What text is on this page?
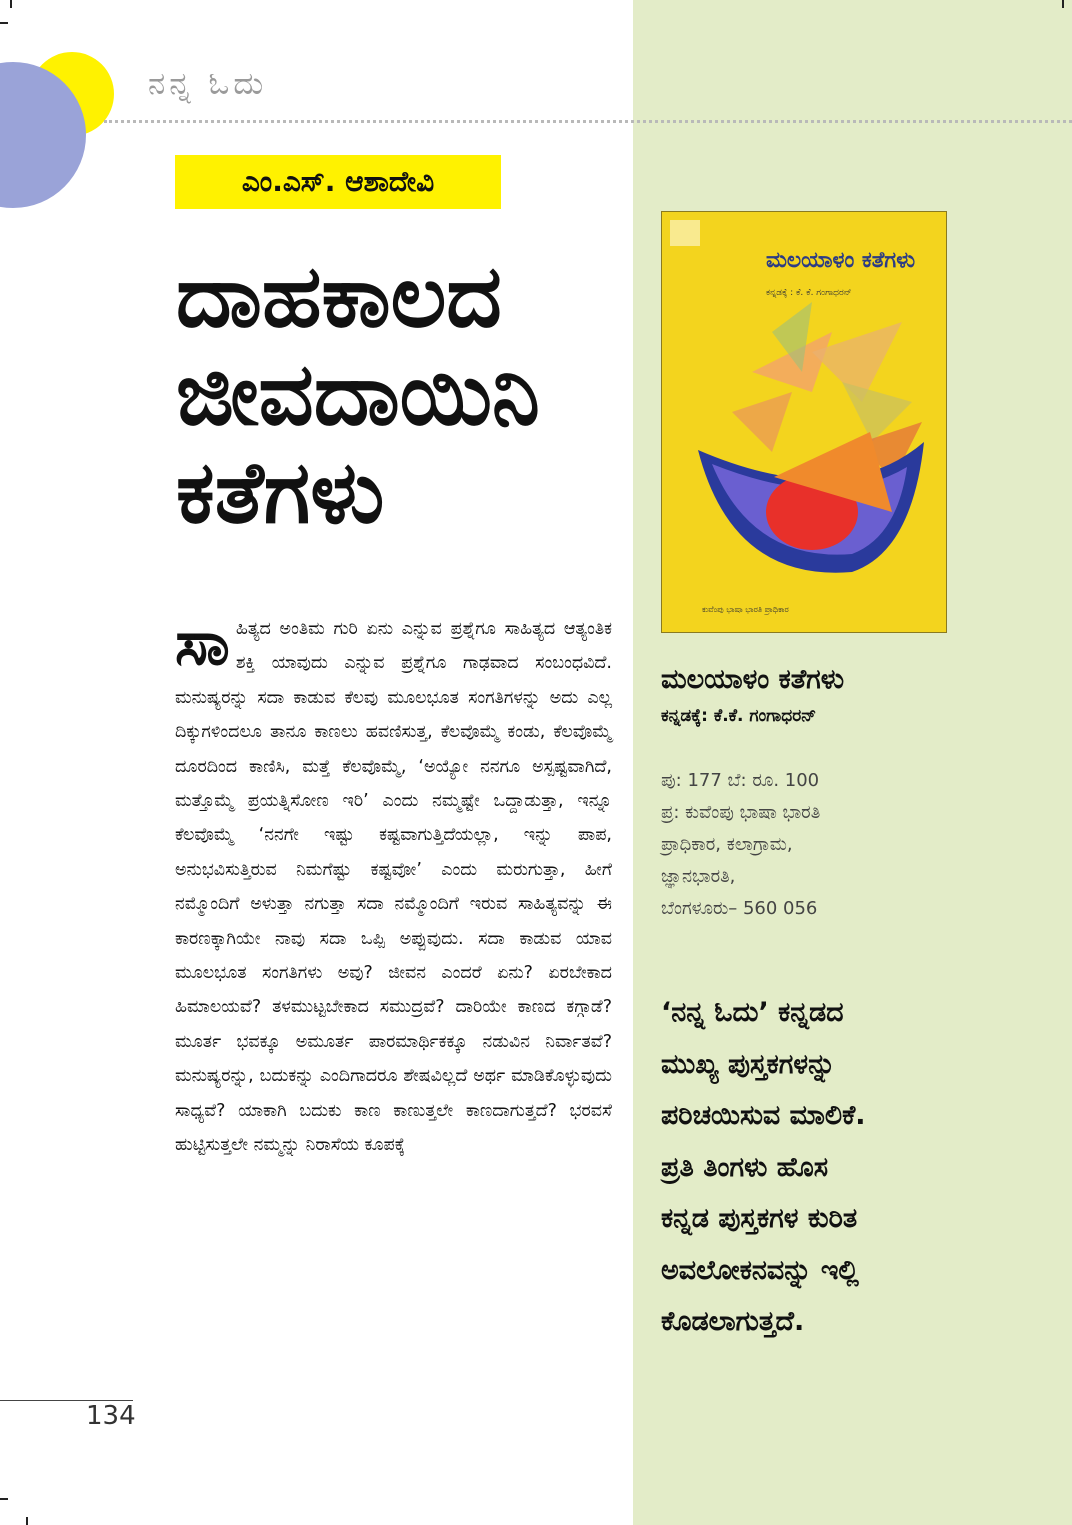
ನನ್ನ ಓದು
ಎಂ.ಎಸ್. ಆಶಾದೇವಿ
ದಾಹಕಾಲದ
ಜೀವದಾಯಿನಿ
ಕತೆಗಳು
ಸಾ ಹಿತ್ಯದ ಅಂತಿಮ ಗುರಿ ಏನು ಎನ್ನುವ ಪ್ರಶ್ನೆಗೂ ಸಾಹಿತ್ಯದ ಆತ್ಯಂತಿಕ ಶಕ್ತಿ ಯಾವುದು ಎನ್ನುವ ಪ್ರಶ್ನೆಗೂ ಗಾಢವಾದ ಸಂಬಂಧವಿದೆ. ಮನುಷ್ಯರನ್ನು ಸದಾ ಕಾಡುವ ಕೆಲವು ಮೂಲಭೂತ ಸಂಗತಿಗಳನ್ನು ಅದು ಎಲ್ಲ ದಿಕ್ಕುಗಳಿಂದಲೂ ತಾನೂ ಕಾಣಲು ಹವಣಿಸುತ್ತ, ಕೆಲವೊಮ್ಮೆ ಕಂಡು, ಕೆಲವೊಮ್ಮೆ ದೂರದಿಂದ ಕಾಣಿಸಿ, ಮತ್ತೆ ಕೆಲವೊಮ್ಮೆ, ‘ಅಯ್ಯೋ ನನಗೂ ಅಸ್ಪಷ್ಟವಾಗಿದೆ, ಮತ್ತೊಮ್ಮೆ ಪ್ರಯತ್ನಿಸೋಣ ಇರಿ’ ಎಂದು ನಮ್ಮಷ್ಟೇ ಒದ್ದಾಡುತ್ತಾ, ಇನ್ನೂ ಕೆಲವೊಮ್ಮೆ ‘ನನಗೇ ಇಷ್ಟು ಕಷ್ಟವಾಗುತ್ತಿದೆಯಲ್ಲಾ, ಇನ್ನು ಪಾಪ, ಅನುಭವಿಸುತ್ತಿರುವ ನಿಮಗೆಷ್ಟು ಕಷ್ಟವೋ’ ಎಂದು ಮರುಗುತ್ತಾ, ಹೀಗೆ ನಮ್ಮೊಂದಿಗೆ ಅಳುತ್ತಾ ನಗುತ್ತಾ ಸದಾ ನಮ್ಮೊಂದಿಗೆ ಇರುವ ಸಾಹಿತ್ಯವನ್ನು ಈ ಕಾರಣಕ್ಕಾಗಿಯೇ ನಾವು ಸದಾ ಒಪ್ಪಿ ಅಪ್ಪುವುದು. ಸದಾ ಕಾಡುವ ಯಾವ ಮೂಲಭೂತ ಸಂಗತಿಗಳು ಅವು? ಜೀವನ ಎಂದರೆ ಏನು? ಏರಬೇಕಾದ ಹಿಮಾಲಯವೆ? ತಳಮುಟ್ಟಬೇಕಾದ ಸಮುದ್ರವೆ? ದಾರಿಯೇ ಕಾಣದ ಕಗ್ಗಾಡೆ? ಮೂರ್ತ ಭವಕ್ಕೂ ಅಮೂರ್ತ ಪಾರಮಾರ್ಥಿಕಕ್ಕೂ ನಡುವಿನ ನಿರ್ವಾತವೆ? ಮನುಷ್ಯರನ್ನು, ಬದುಕನ್ನು ಎಂದಿಗಾದರೂ ಶೇಷವಿಲ್ಲದೆ ಅರ್ಥ ಮಾಡಿಕೊಳ್ಳುವುದು ಸಾಧ್ಯವೆ? ಯಾಕಾಗಿ ಬದುಕು ಕಾಣ ಕಾಣುತ್ತಲೇ ಕಾಣದಾಗುತ್ತದೆ? ಭರವಸೆ ಹುಟ್ಟಿಸುತ್ತಲೇ ನಮ್ಮನ್ನು ನಿರಾಸೆಯ ಕೂಪಕ್ಕೆ
134
ಮಲಯಾಳಂ ಕತೆಗಳು
ಕನ್ನಡಕ್ಕೆ : ಕೆ. ಕೆ. ಗಂಗಾಧರನ್
ಕುವೆಂಪು ಭಾಷಾ ಭಾರತಿ ಪ್ರಾಧಿಕಾರ
ಮಲಯಾಳಂ ಕತೆಗಳು
ಕನ್ನಡಕ್ಕೆ: ಕೆ.ಕೆ. ಗಂಗಾಧರನ್
ಪು: 177 ಬೆ: ರೂ. 100
ಪ್ರ: ಕುವೆಂಪು ಭಾಷಾ ಭಾರತಿ
ಪ್ರಾಧಿಕಾರ, ಕಲಾಗ್ರಾಮ,
ಜ್ಞಾನಭಾರತಿ,
ಬೆಂಗಳೂರು– 560 056
‘ನನ್ನ ಓದು’ ಕನ್ನಡದ
ಮುಖ್ಯ ಪುಸ್ತಕಗಳನ್ನು
ಪರಿಚಯಿಸುವ ಮಾಲಿಕೆ.
ಪ್ರತಿ ತಿಂಗಳು ಹೊಸ
ಕನ್ನಡ ಪುಸ್ತಕಗಳ ಕುರಿತ
ಅವಲೋಕನವನ್ನು ಇಲ್ಲಿ
ಕೊಡಲಾಗುತ್ತದೆ.
